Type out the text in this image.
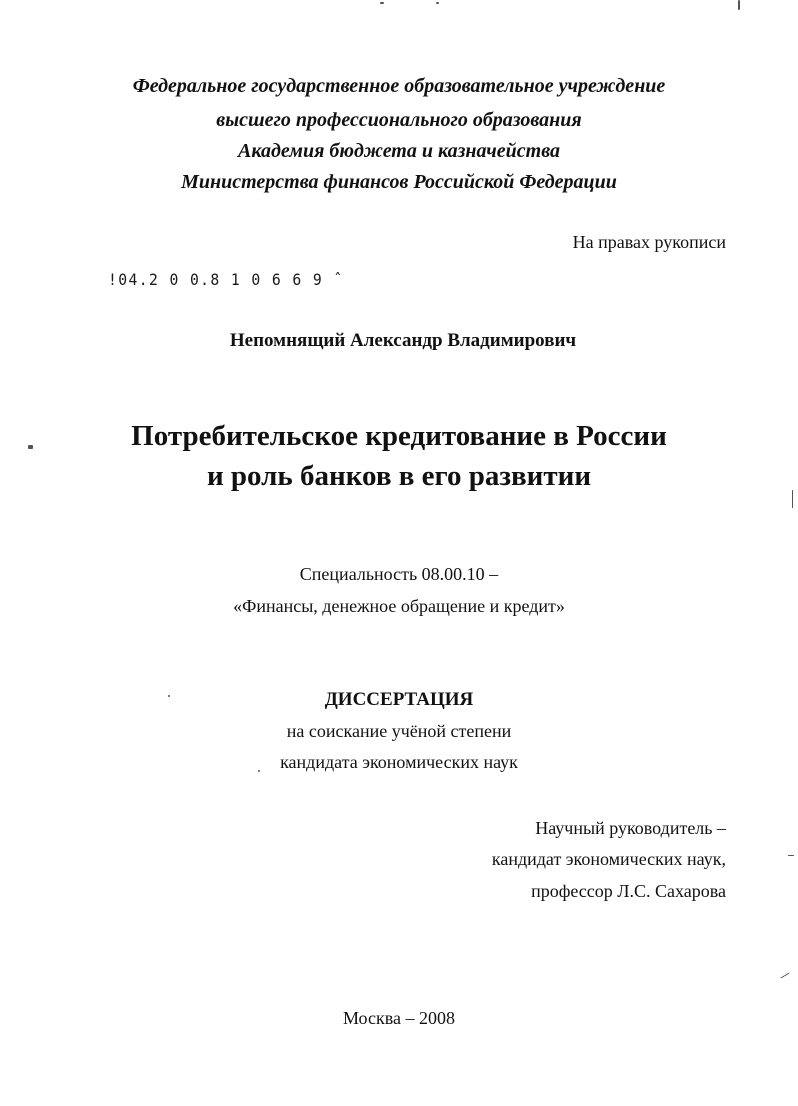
Федеральное государственное образовательное учреждение
высшего профессионального образования
Академия бюджета и казначейства
Министерства финансов Российской Федерации
На правах рукописи
!04.2 0 0.8 1 0 6 6 9 ˆ
Непомнящий Александр Владимирович
Потребительское кредитование в России
и роль банков в его развитии
Специальность 08.00.10 –
«Финансы, денежное обращение и кредит»
ДИССЕРТАЦИЯ
на соискание учёной степени
кандидата экономических наук
Научный руководитель –
кандидат экономических наук,
профессор Л.С. Сахарова
Москва – 2008
